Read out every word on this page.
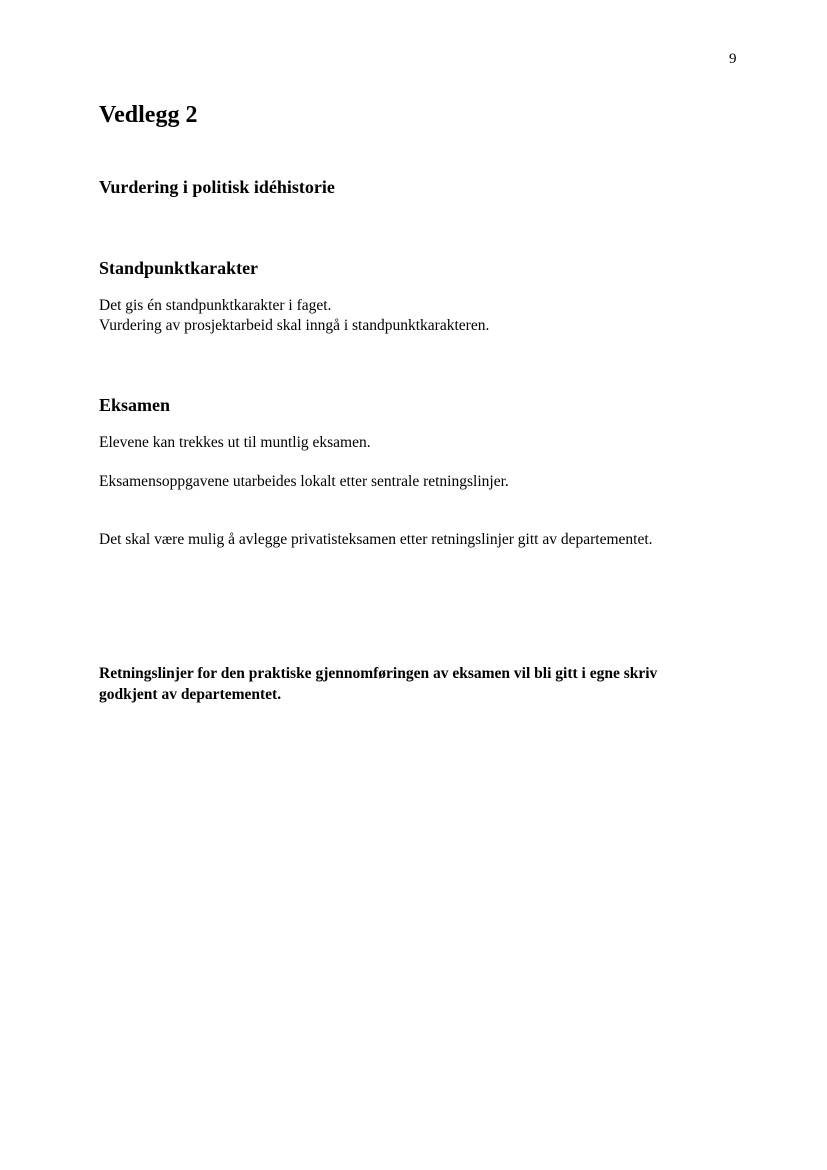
9
Vedlegg 2
Vurdering i politisk idéhistorie
Standpunktkarakter

Det gis én standpunktkarakter i faget.

Vurdering av prosjektarbeid skal inngå i standpunktkarakteren.

Eksamen

Elevene kan trekkes ut til muntlig eksamen.

Eksamensoppgavene utarbeides lokalt etter sentrale retningslinjer.

Det skal være mulig å avlegge privatisteksamen etter retningslinjer gitt av departementet.

Retningslinjer for den praktiske gjennomføringen av eksamen vil bli gitt i egne skriv
godkjent av departementet.
